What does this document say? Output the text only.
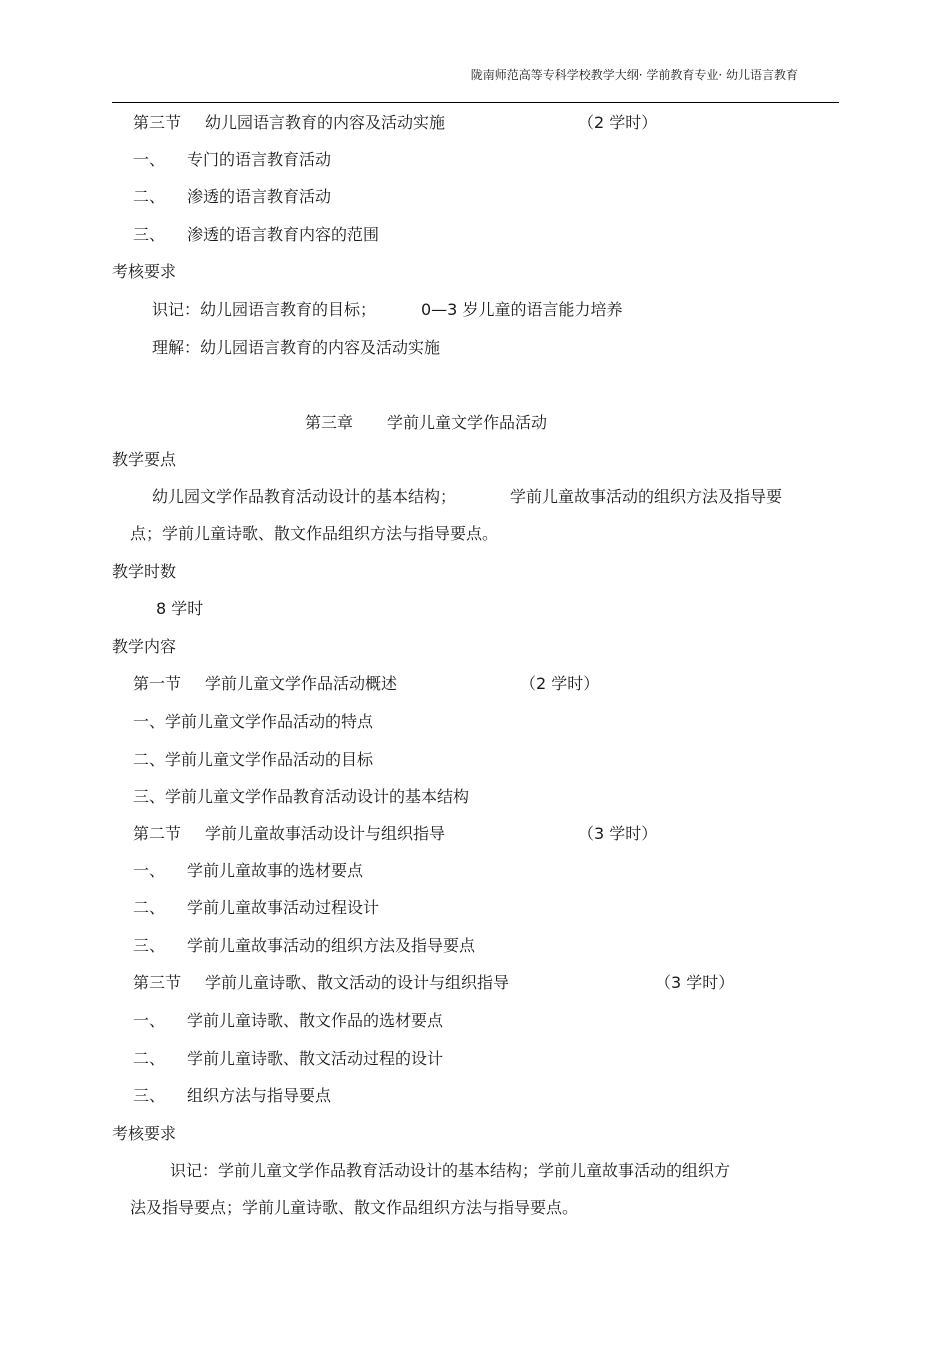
陇南师范高等专科学校教学大纲· 学前教育专业· 幼儿语言教育
第三节 幼儿园语言教育的内容及活动实施	（2 学时）
一、 专门的语言教育活动
二、 渗透的语言教育活动
三、 渗透的语言教育内容的范围
考核要求
识记：幼儿园语言教育的目标；	0—3 岁儿童的语言能力培养
理解：幼儿园语言教育的内容及活动实施
第三章 学前儿童文学作品活动
教学要点
幼儿园文学作品教育活动设计的基本结构；	学前儿童故事活动的组织方法及指导要
点；学前儿童诗歌、散文作品组织方法与指导要点。
教学时数
8 学时
教学内容
第一节 学前儿童文学作品活动概述	（2 学时）
一、学前儿童文学作品活动的特点
二、学前儿童文学作品活动的目标
三、学前儿童文学作品教育活动设计的基本结构
第二节 学前儿童故事活动设计与组织指导	（3 学时）
一、 学前儿童故事的选材要点
二、 学前儿童故事活动过程设计
三、 学前儿童故事活动的组织方法及指导要点
第三节 学前儿童诗歌、散文活动的设计与组织指导	（3 学时）
一、 学前儿童诗歌、散文作品的选材要点
二、 学前儿童诗歌、散文活动过程的设计
三、 组织方法与指导要点
考核要求
识记：学前儿童文学作品教育活动设计的基本结构；学前儿童故事活动的组织方
法及指导要点；学前儿童诗歌、散文作品组织方法与指导要点。
